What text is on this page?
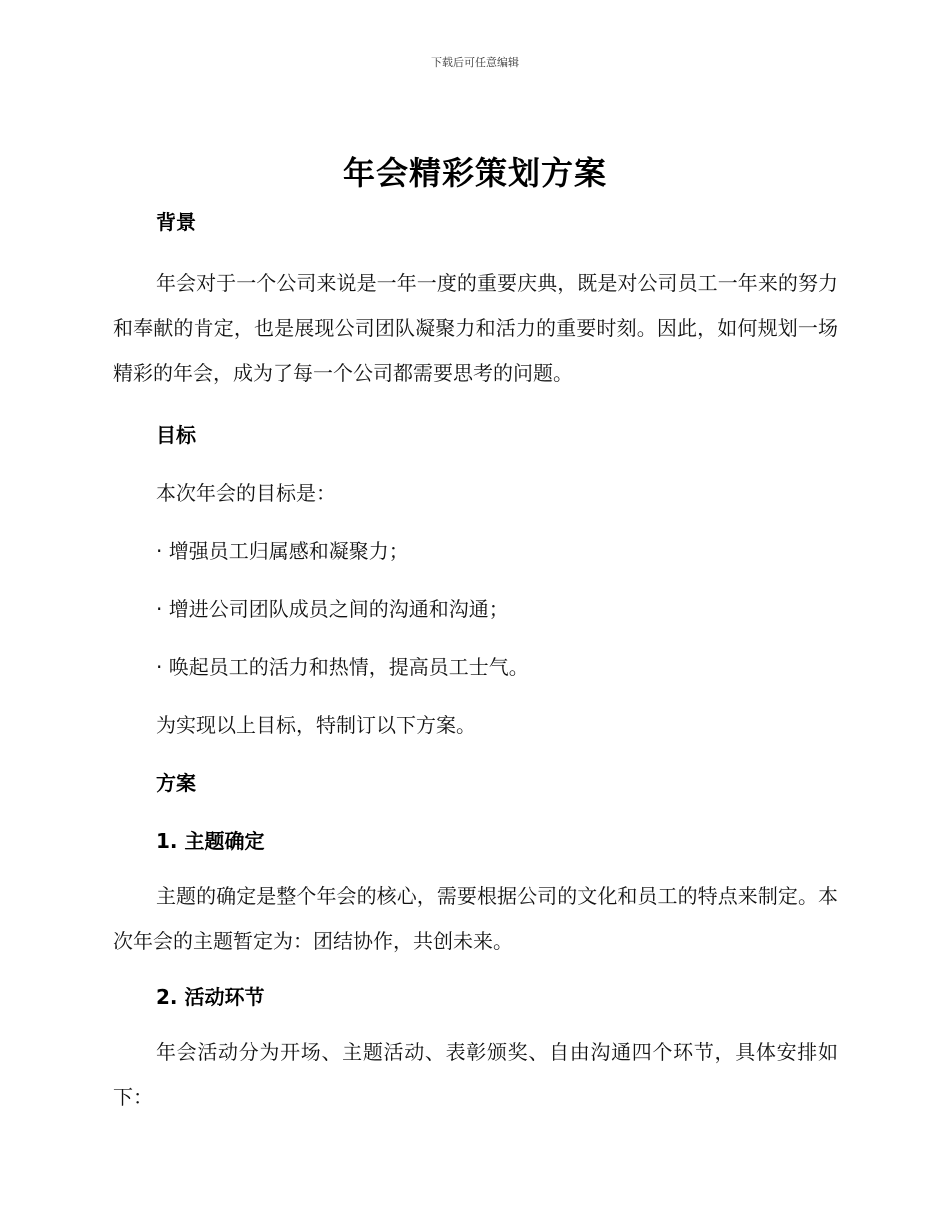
下载后可任意编辑
年会精彩策划方案
背景
年会对于一个公司来说是一年一度的重要庆典，既是对公司员工一年来的努力和奉献的肯定，也是展现公司团队凝聚力和活力的重要时刻。因此，如何规划一场精彩的年会，成为了每一个公司都需要思考的问题。
目标
本次年会的目标是：
· 增强员工归属感和凝聚力；
· 增进公司团队成员之间的沟通和沟通；
· 唤起员工的活力和热情，提高员工士气。
为实现以上目标，特制订以下方案。
方案
1. 主题确定
主题的确定是整个年会的核心，需要根据公司的文化和员工的特点来制定。本次年会的主题暂定为：团结协作，共创未来。
2. 活动环节
年会活动分为开场、主题活动、表彰颁奖、自由沟通四个环节，具体安排如下：
